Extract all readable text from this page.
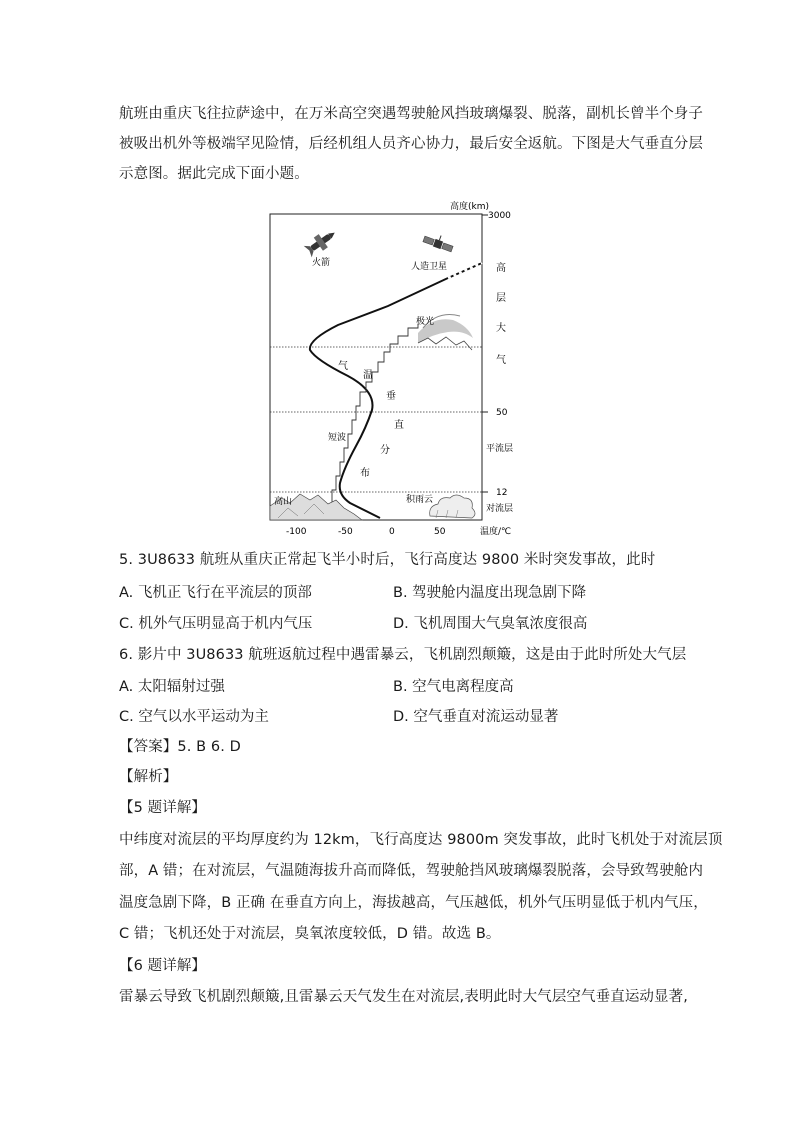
航班由重庆飞往拉萨途中，在万米高空突遇驾驶舱风挡玻璃爆裂、脱落，副机长曾半个身子
被吸出机外等极端罕见险情，后经机组人员齐心协力，最后安全返航。下图是大气垂直分层
示意图。据此完成下面小题。
高度(km)
3000
50
12
高
层
大
气
平流层
对流层
火箭	人造卫星
气
温
垂
直
分
布
短波
极光
高山	积雨云
-100	-50	0	50	温度/℃
5. 3U8633 航班从重庆正常起飞半小时后，飞行高度达 9800 米时突发事故，此时
A. 飞机正飞行在平流层的顶部	B. 驾驶舱内温度出现急剧下降
C. 机外气压明显高于机内气压	D. 飞机周围大气臭氧浓度很高
6. 影片中 3U8633 航班返航过程中遇雷暴云，飞机剧烈颠簸，这是由于此时所处大气层
A. 太阳辐射过强	B. 空气电离程度高
C. 空气以水平运动为主	D. 空气垂直对流运动显著
【答案】5. B 6. D
【解析】
【5 题详解】
中纬度对流层的平均厚度约为 12km，飞行高度达 9800m 突发事故，此时飞机处于对流层顶
部，A 错；在对流层，气温随海拔升高而降低，驾驶舱挡风玻璃爆裂脱落，会导致驾驶舱内
温度急剧下降，B 正确 在垂直方向上，海拔越高，气压越低，机外气压明显低于机内气压，
C 错；飞机还处于对流层，臭氧浓度较低，D 错。故选 B。
【6 题详解】
雷暴云导致飞机剧烈颠簸,且雷暴云天气发生在对流层,表明此时大气层空气垂直运动显著,
